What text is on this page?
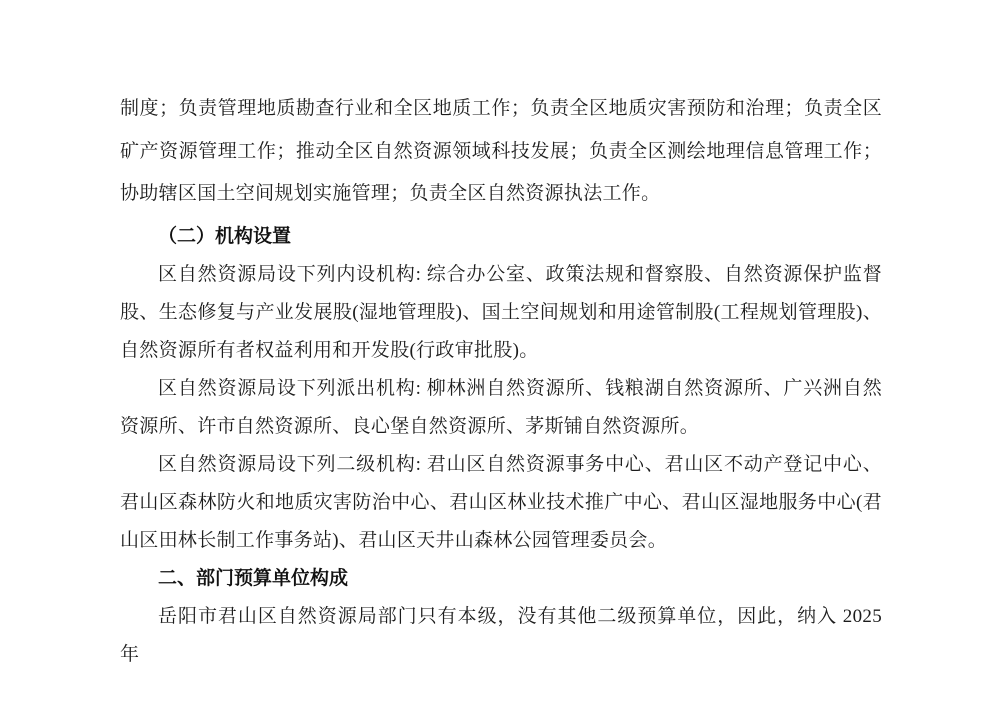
制度；负责管理地质勘查行业和全区地质工作；负责全区地质灾害预防和治理；负责全区矿产资源管理工作；推动全区自然资源领域科技发展；负责全区测绘地理信息管理工作；协助辖区国土空间规划实施管理；负责全区自然资源执法工作。

（二）机构设置

区自然资源局设下列内设机构: 综合办公室、政策法规和督察股、自然资源保护监督股、生态修复与产业发展股(湿地管理股)、国土空间规划和用途管制股(工程规划管理股)、自然资源所有者权益利用和开发股(行政审批股)。

区自然资源局设下列派出机构: 柳林洲自然资源所、钱粮湖自然资源所、广兴洲自然资源所、许市自然资源所、良心堡自然资源所、茅斯铺自然资源所。

区自然资源局设下列二级机构: 君山区自然资源事务中心、君山区不动产登记中心、君山区森林防火和地质灾害防治中心、君山区林业技术推广中心、君山区湿地服务中心(君山区田林长制工作事务站)、君山区天井山森林公园管理委员会。

二、部门预算单位构成

岳阳市君山区自然资源局部门只有本级，没有其他二级预算单位，因此，纳入 2025 年
